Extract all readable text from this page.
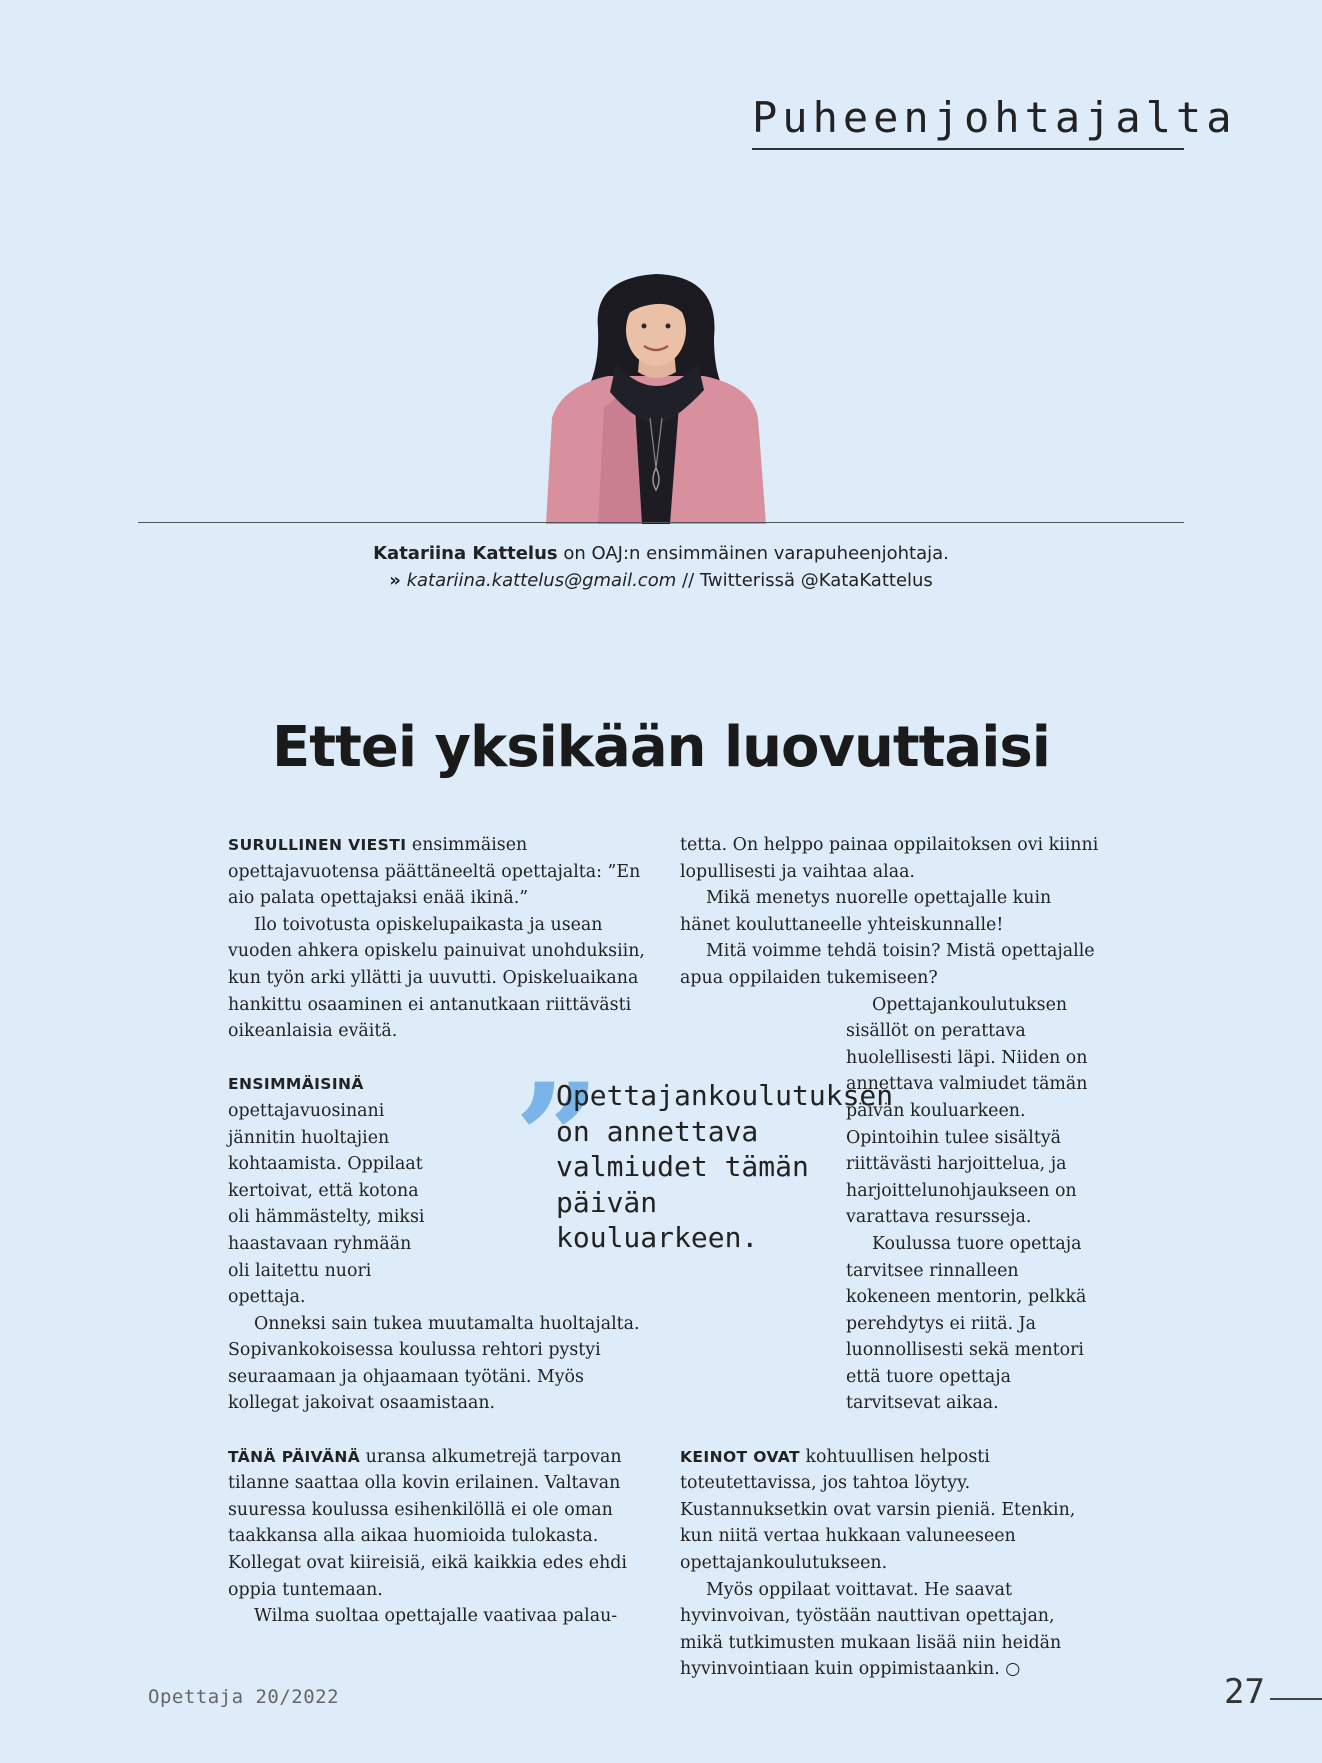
Puheenjohtajalta
Katariina Kattelus on OAJ:n ensimmäinen varapuheenjohtaja.
» katariina.kattelus@gmail.com // Twitterissä @KataKattelus
Ettei yksikään luovuttaisi

SURULLINEN VIESTI ensimmäisen opettajavuotensa päättäneeltä opettajalta: ”En aio palata opettajaksi enää ikinä.”

Ilo toivotusta opiskelupaikasta ja usean vuoden ahkera opiskelu painuivat unohduksiin, kun työn arki yllätti ja uuvutti. Opiskeluaikana hankittu osaaminen ei antanutkaan riittävästi oikeanlaisia eväitä.

ENSIMMÄISINÄ opettajavuosinani jännitin huoltajien kohtaamista. Oppilaat kertoivat, että kotona oli hämmästelty, miksi haastavaan ryhmään oli laitettu nuori opettaja.

Onneksi sain tukea muutamalta huoltajalta. Sopivankokoisessa koulussa rehtori pystyi seuraamaan ja ohjaamaan työtäni. Myös kollegat jakoivat osaamistaan.

TÄNÄ PÄIVÄNÄ uransa alkumetrejä tarpovan tilanne saattaa olla kovin erilainen. Valtavan suuressa koulussa esihenkilöllä ei ole oman taakkansa alla aikaa huomioida tulokasta. Kollegat ovat kiireisiä, eikä kaikkia edes ehdi oppia tuntemaan.

Wilma suoltaa opettajalle vaativaa palau-

tetta. On helppo painaa oppilaitoksen ovi kiinni lopullisesti ja vaihtaa alaa.

Mikä menetys nuorelle opettajalle kuin hänet kouluttaneelle yhteiskunnalle!

Mitä voimme tehdä toisin? Mistä opettajalle apua oppilaiden tukemiseen?

Opettajankoulutuksen sisällöt on perattava huolellisesti läpi. Niiden on annettava valmiudet tämän päivän kouluarkeen. Opintoihin tulee sisältyä riittävästi harjoittelua, ja harjoittelunohjaukseen on varattava resursseja.

Koulussa tuore opettaja tarvitsee rinnalleen kokeneen mentorin, pelkkä perehdytys ei riitä. Ja luonnollisesti sekä mentori että tuore opettaja tarvitsevat aikaa.

KEINOT OVAT kohtuullisen helposti toteutettavissa, jos tahtoa löytyy. Kustannuksetkin ovat varsin pieniä. Etenkin, kun niitä vertaa hukkaan valuneeseen opettajankoulutukseen.

Myös oppilaat voittavat. He saavat hyvinvoivan, työstään nauttivan opettajan, mikä tutkimusten mukaan lisää niin heidän hyvinvointiaan kuin oppimistaankin. ○

”
Opettajankoulutuksen on annettava valmiudet tämän päivän kouluarkeen.
Opettaja 20/2022	27
